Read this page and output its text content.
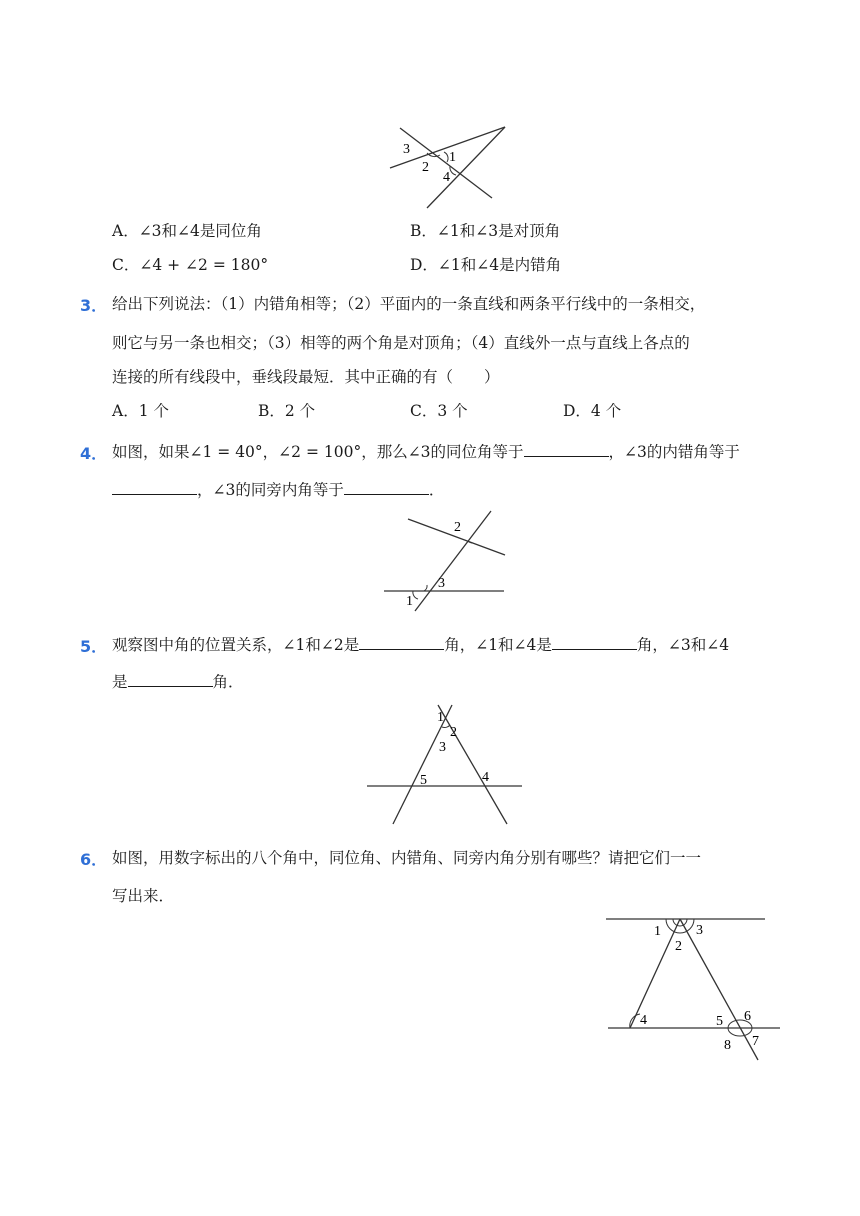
3
1
2
4
A．∠3和∠4是同位角	B．∠1和∠3是对顶角
C．∠4 + ∠2 = 180°	D．∠1和∠4是内错角
3． 给出下列说法：（1）内错角相等；（2）平面内的一条直线和两条平行线中的一条相交，
则它与另一条也相交；（3）相等的两个角是对顶角；（4）直线外一点与直线上各点的
连接的所有线段中，垂线段最短．其中正确的有（　　）
A．1 个	B．2 个	C．3 个	D．4 个
4． 如图，如果∠1 = 40°，∠2 = 100°，那么∠3的同位角等于	，∠3的内错角等于
，∠3的同旁内角等于	．
2
3
1
5． 观察图中角的位置关系，∠1和∠2是	角，∠1和∠4是	角，∠3和∠4
是	角．
1
2
3
5	4
6． 如图，用数字标出的八个角中，同位角、内错角、同旁内角分别有哪些？请把它们一一
写出来．
1
2
3
4	5 6
7
8
